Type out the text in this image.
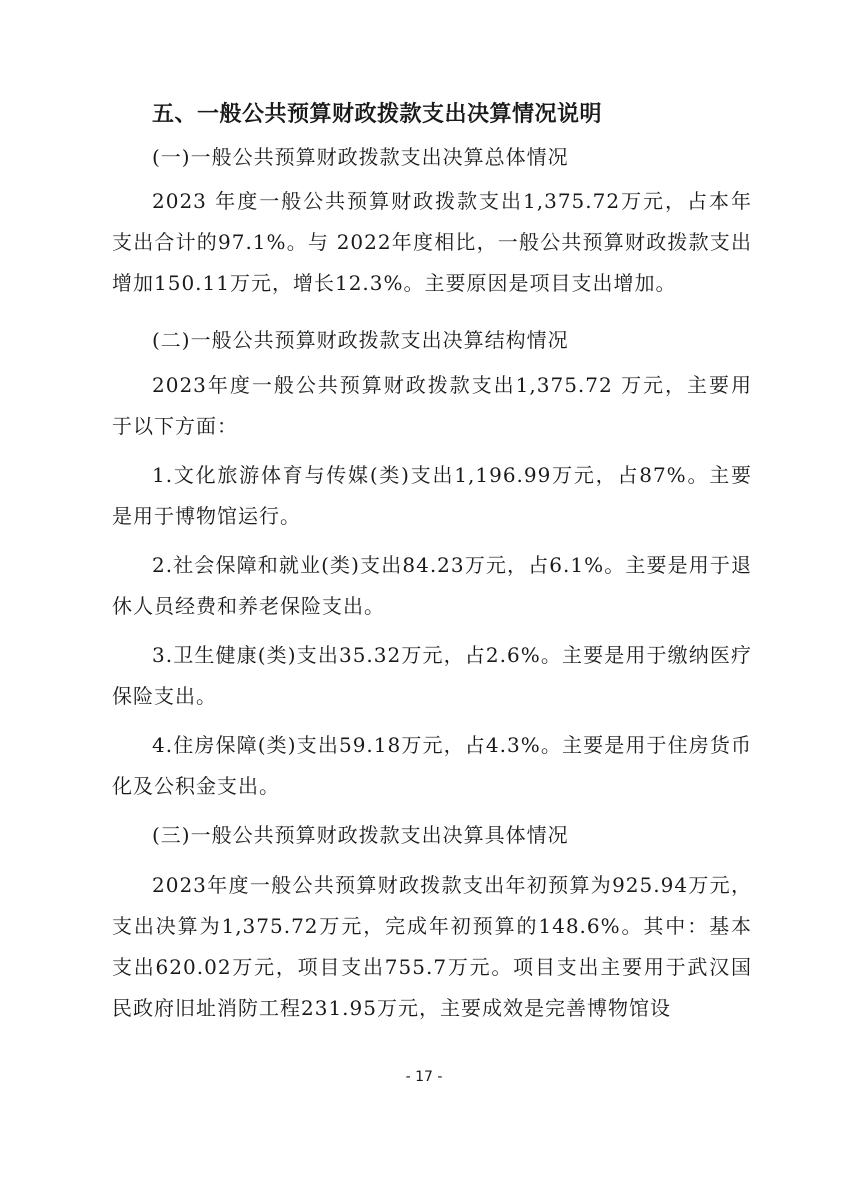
五、一般公共预算财政拨款支出决算情况说明
(一)一般公共预算财政拨款支出决算总体情况

2023 年度一般公共预算财政拨款支出1,375.72万元，占本年支出合计的97.1%。与 2022年度相比，一般公共预算财政拨款支出增加150.11万元，增长12.3%。主要原因是项目支出增加。

(二)一般公共预算财政拨款支出决算结构情况

2023年度一般公共预算财政拨款支出1,375.72 万元，主要用于以下方面：

1.文化旅游体育与传媒(类)支出1,196.99万元，占87%。主要是用于博物馆运行。

2.社会保障和就业(类)支出84.23万元，占6.1%。主要是用于退休人员经费和养老保险支出。

3.卫生健康(类)支出35.32万元，占2.6%。主要是用于缴纳医疗保险支出。

4.住房保障(类)支出59.18万元，占4.3%。主要是用于住房货币化及公积金支出。

(三)一般公共预算财政拨款支出决算具体情况

2023年度一般公共预算财政拨款支出年初预算为925.94万元，支出决算为1,375.72万元，完成年初预算的148.6%。其中：基本支出620.02万元，项目支出755.7万元。项目支出主要用于武汉国民政府旧址消防工程231.95万元，主要成效是完善博物馆设

- 17 -
